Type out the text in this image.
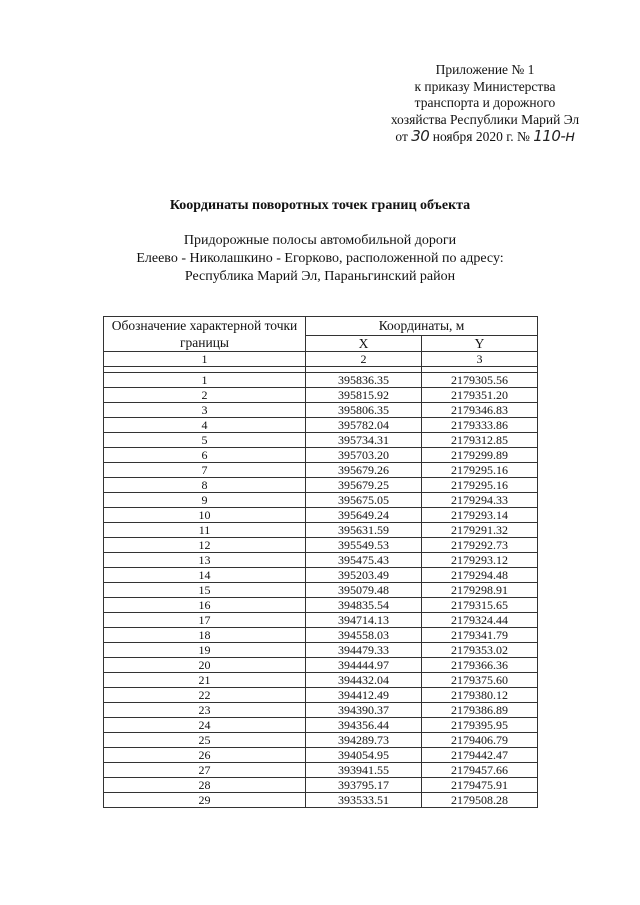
Приложение № 1
к приказу Министерства
транспорта и дорожного
хозяйства Республики Марий Эл
от 30 ноября 2020 г. № 110-н
Координаты поворотных точек границ объекта
Придорожные полосы автомобильной дороги
Елеево - Николашкино - Егорково, расположенной по адресу:
Республика Марий Эл, Параньгинский район
Обозначение характерной точки границы	Координаты, м	
	X	Y
1	2	3

1	395836.35	2179305.56
2	395815.92	2179351.20
3	395806.35	2179346.83
4	395782.04	2179333.86
5	395734.31	2179312.85
6	395703.20	2179299.89
7	395679.26	2179295.16
8	395679.25	2179295.16
9	395675.05	2179294.33
10	395649.24	2179293.14
11	395631.59	2179291.32
12	395549.53	2179292.73
13	395475.43	2179293.12
14	395203.49	2179294.48
15	395079.48	2179298.91
16	394835.54	2179315.65
17	394714.13	2179324.44
18	394558.03	2179341.79
19	394479.33	2179353.02
20	394444.97	2179366.36
21	394432.04	2179375.60
22	394412.49	2179380.12
23	394390.37	2179386.89
24	394356.44	2179395.95
25	394289.73	2179406.79
26	394054.95	2179442.47
27	393941.55	2179457.66
28	393795.17	2179475.91
29	393533.51	2179508.28
